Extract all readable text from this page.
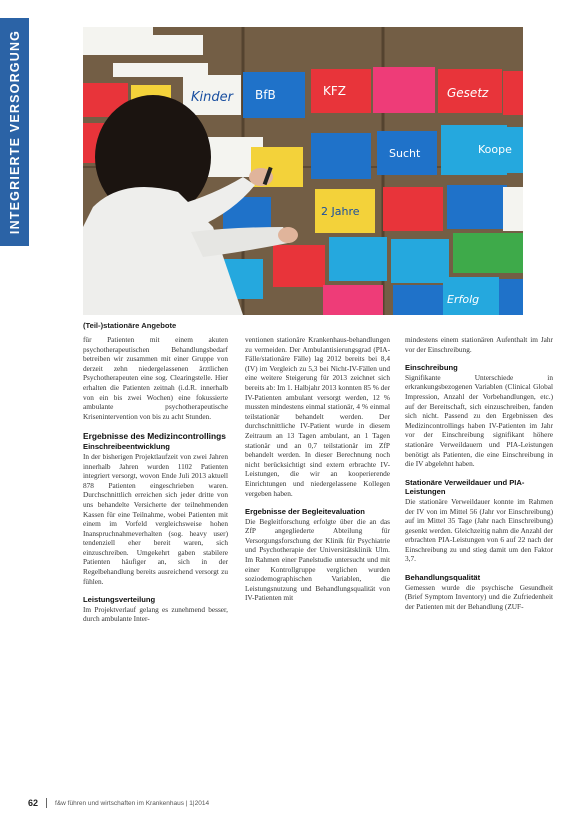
INTEGRIERTE VERSORGUNG	Kinder BfB	KFZ	Gesetz
Sucht
2 Jahre
Koope
Erfolg
(Teil-)stationäre Angebote

für Patienten mit einem akuten psychotherapeutischen Behandlungsbedarf betreiben wir zusammen mit einer Gruppe von derzeit zehn niedergelassenen ärztlichen Psychotherapeuten eine sog. Clearingstelle. Hier erhalten die Patienten zeitnah (i.d.R. innerhalb von ein bis zwei Wochen) eine fokussierte ambulante psychotherapeutische Krisenintervention von bis zu acht Stunden.

Ergebnisse des Medizincontrollings
Einschreibeentwicklung

In der bisherigen Projektlaufzeit von zwei Jahren innerhalb Jahren wurden 1102 Patienten integriert versorgt, wovon Ende Juli 2013 aktuell 878 Patienten eingeschrieben waren. Durchschnittlich erreichen sich jeder dritte von uns behandelte Versicherte der teilnehmenden Kassen für eine Teilnahme, wobei Patienten mit einem im Vorfeld vergleichsweise hohen Inanspruchnahmeverhalten (sog. heavy user) tendenziell eher bereit waren, sich einzuschreiben. Umgekehrt gaben stabilere Patienten häufiger an, sich in der Regelbehandlung bereits ausreichend versorgt zu fühlen.

Leistungsverteilung

Im Projektverlauf gelang es zunehmend besser, durch ambulante Inter-

ventionen stationäre Krankenhaus-behandlungen zu vermeiden. Der Ambulantisierungsgrad (PIA-Fälle/stationäre Fälle) lag 2012 bereits bei 8,4 (IV) im Vergleich zu 5,3 bei Nicht-IV-Fällen und eine weitere Steigerung für 2013 zeichnet sich bereits ab: Im 1. Halbjahr 2013 konnten 85 % der IV-Patienten ambulant versorgt werden, 12 % mussten mindestens einmal stationär, 4 % einmal teilstationär behandelt werden. Der durchschnittliche IV-Patient wurde in diesem Zeitraum an 13 Tagen ambulant, an 1 Tagen stationär und an 0,7 teilstationär im ZfP behandelt werden. In dieser Berechnung noch nicht berücksichtigt sind extern erbrachte IV-Leistungen, die wir an kooperierende Einrichtungen und niedergelassene Kollegen vergeben haben.

Ergebnisse der Begleitevaluation

Die Begleitforschung erfolgte über die an das ZfP angegliederte Abteilung für Versorgungsforschung der Klinik für Psychiatrie und Psychotherapie der Universitätsklinik Ulm. Im Rahmen einer Panelstudie untersucht und mit einer Kontrollgruppe verglichen wurden soziodemographischen Variablen, die Leistungsnutzung und Behandlungsqualität von IV-Patienten mit

mindestens einem stationären Aufenthalt im Jahr vor der Einschreibung.

Einschreibung

Signifikante Unterschiede in erkrankungsbezogenen Variablen (Clinical Global Impression, Anzahl der Vorbehandlungen, etc.) auf der Bereitschaft, sich einzuschreiben, fanden sich nicht. Passend zu den Ergebnissen des Medizincontrollings haben IV-Patienten im Jahr vor der Einschreibung signifikant höhere stationäre Verweildauern und PIA-Leistungen benötigt als Patienten, die eine Einschreibung in die IV abgelehnt haben.

Stationäre Verweildauer und PIA-Leistungen

Die stationäre Verweildauer konnte im Rahmen der IV von im Mittel 56 (Jahr vor Einschreibung) auf im Mittel 35 Tage (Jahr nach Einschreibung) gesenkt werden. Gleichzeitig nahm die Anzahl der erbrachten PIA-Leistungen von 6 auf 22 nach der Einschreibung zu und stieg damit um den Faktor 3,7.

Behandlungsqualität

Gemessen wurde die psychische Gesundheit (Brief Symptom Inventory) und die Zufriedenheit der Patienten mit der Behandlung (ZUF-

62	f&w führen und wirtschaften im Krankenhaus | 1|2014
